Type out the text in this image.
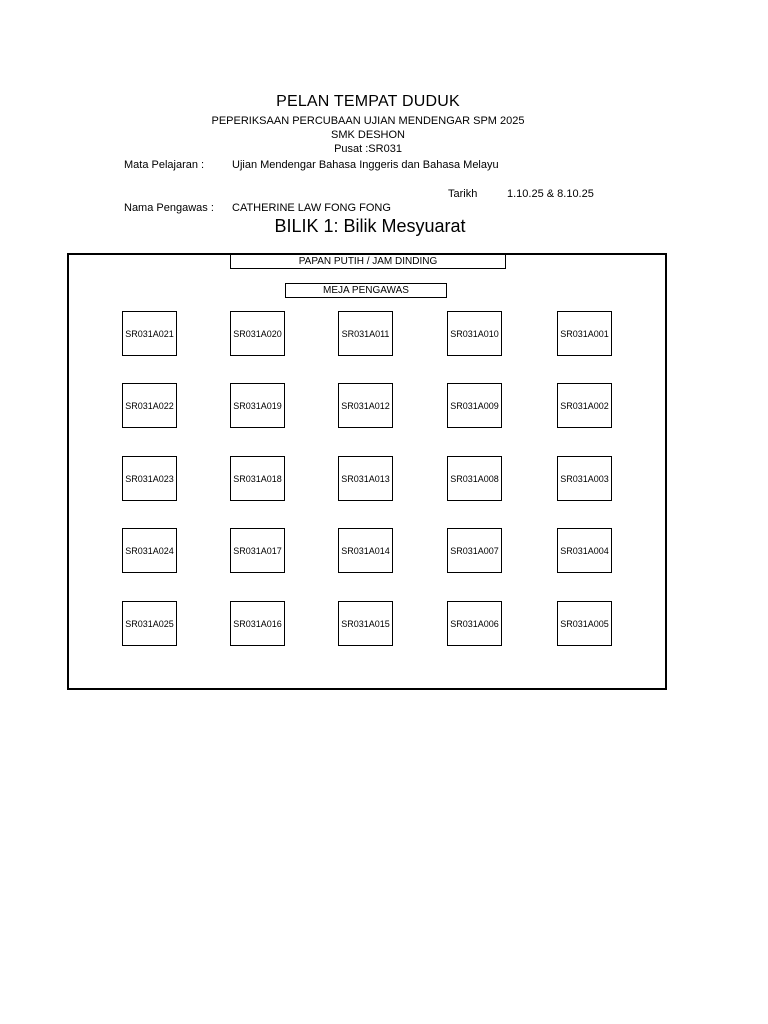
PELAN TEMPAT DUDUK
PEPERIKSAAN PERCUBAAN UJIAN MENDENGAR SPM 2025
SMK DESHON
Pusat :SR031
Mata Pelajaran :	Ujian Mendengar Bahasa Inggeris dan Bahasa Melayu
Tarikh	1.10.25 & 8.10.25
Nama Pengawas : CATHERINE LAW FONG FONG
BILIK 1: Bilik Mesyuarat
PAPAN PUTIH / JAM DINDING
MEJA PENGAWAS
SR031A021	SR031A020	SR031A011	SR031A010	SR031A001
SR031A022	SR031A019	SR031A012	SR031A009	SR031A002
SR031A023	SR031A018	SR031A013	SR031A008	SR031A003
SR031A024	SR031A017	SR031A014	SR031A007	SR031A004
SR031A025	SR031A016	SR031A015	SR031A006	SR031A005
